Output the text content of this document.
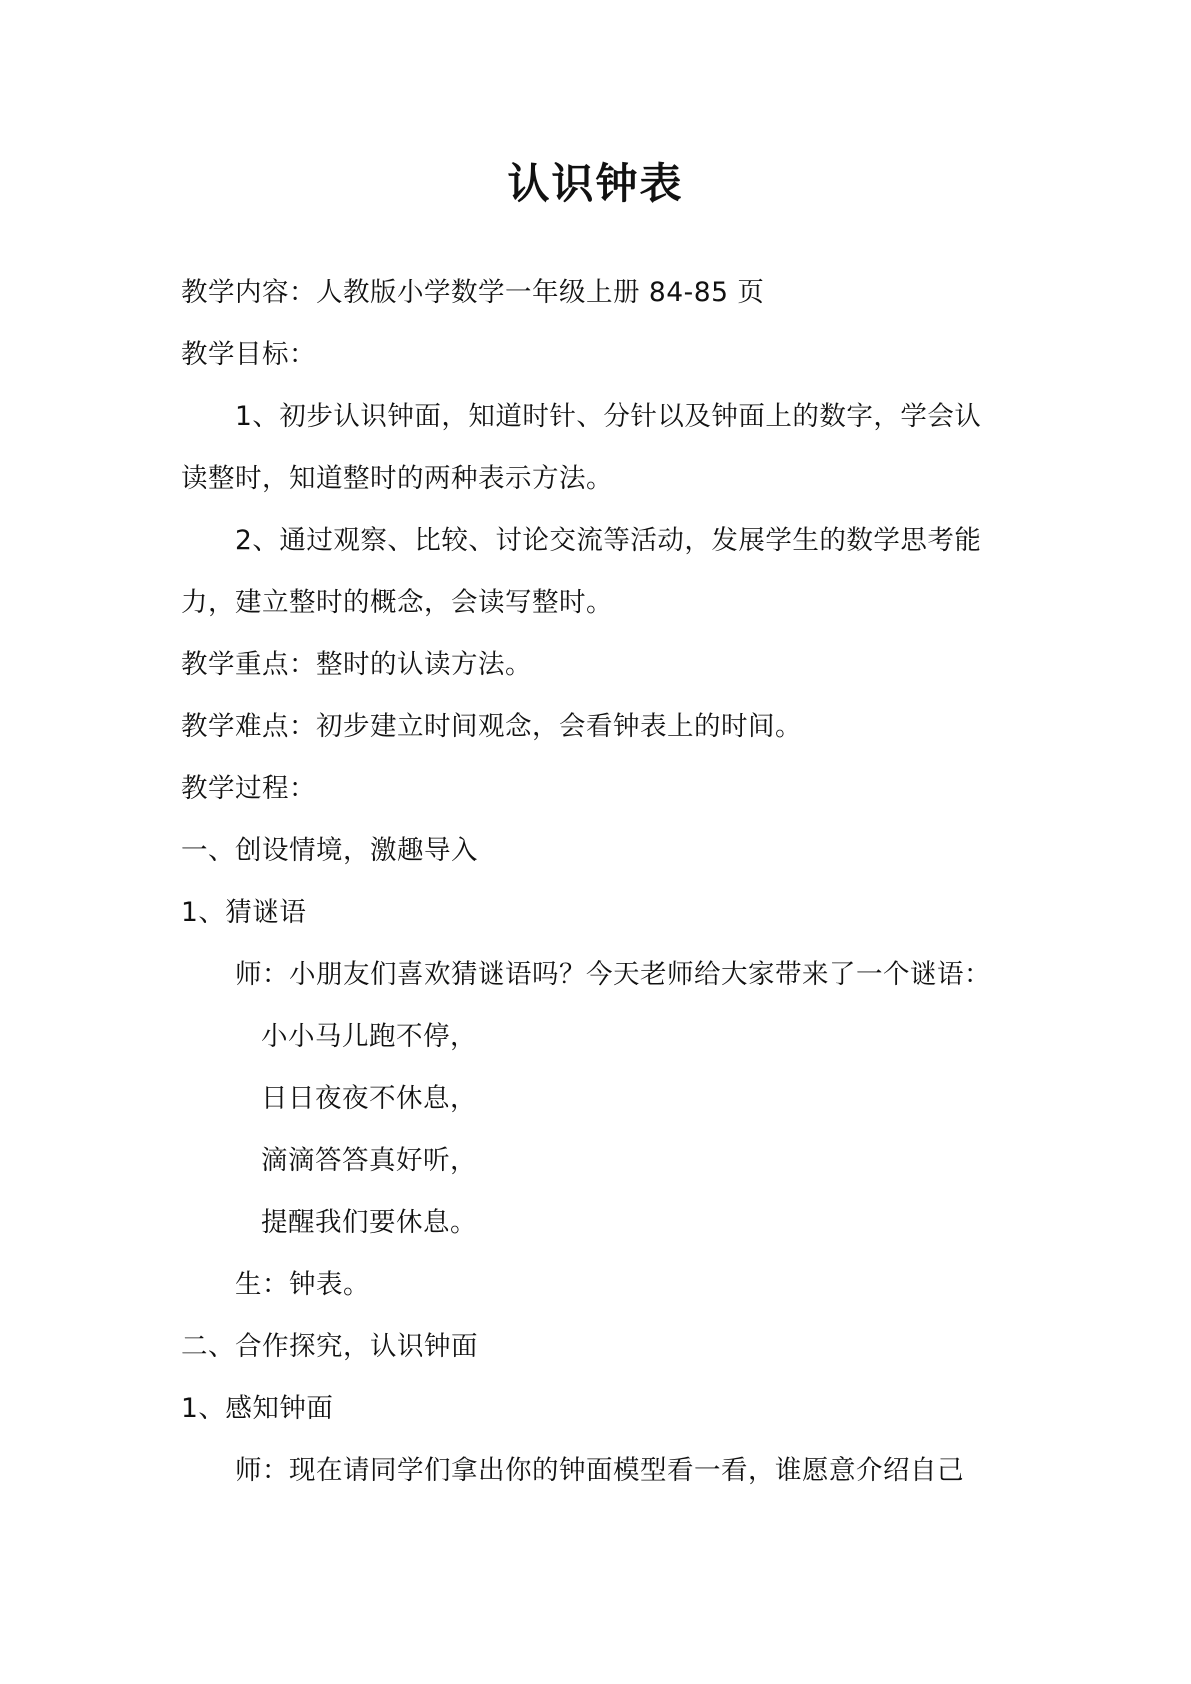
认识钟表
教学内容：人教版小学数学一年级上册 84-85 页
教学目标：
1、初步认识钟面，知道时针、分针以及钟面上的数字，学会认
读整时，知道整时的两种表示方法。
2、通过观察、比较、讨论交流等活动，发展学生的数学思考能
力，建立整时的概念，会读写整时。
教学重点：整时的认读方法。
教学难点：初步建立时间观念，会看钟表上的时间。
教学过程：
一、创设情境，激趣导入
1、猜谜语
师：小朋友们喜欢猜谜语吗？今天老师给大家带来了一个谜语：
小小马儿跑不停，
日日夜夜不休息，
滴滴答答真好听，
提醒我们要休息。
生：钟表。
二、合作探究，认识钟面
1、感知钟面
师：现在请同学们拿出你的钟面模型看一看，谁愿意介绍自己
